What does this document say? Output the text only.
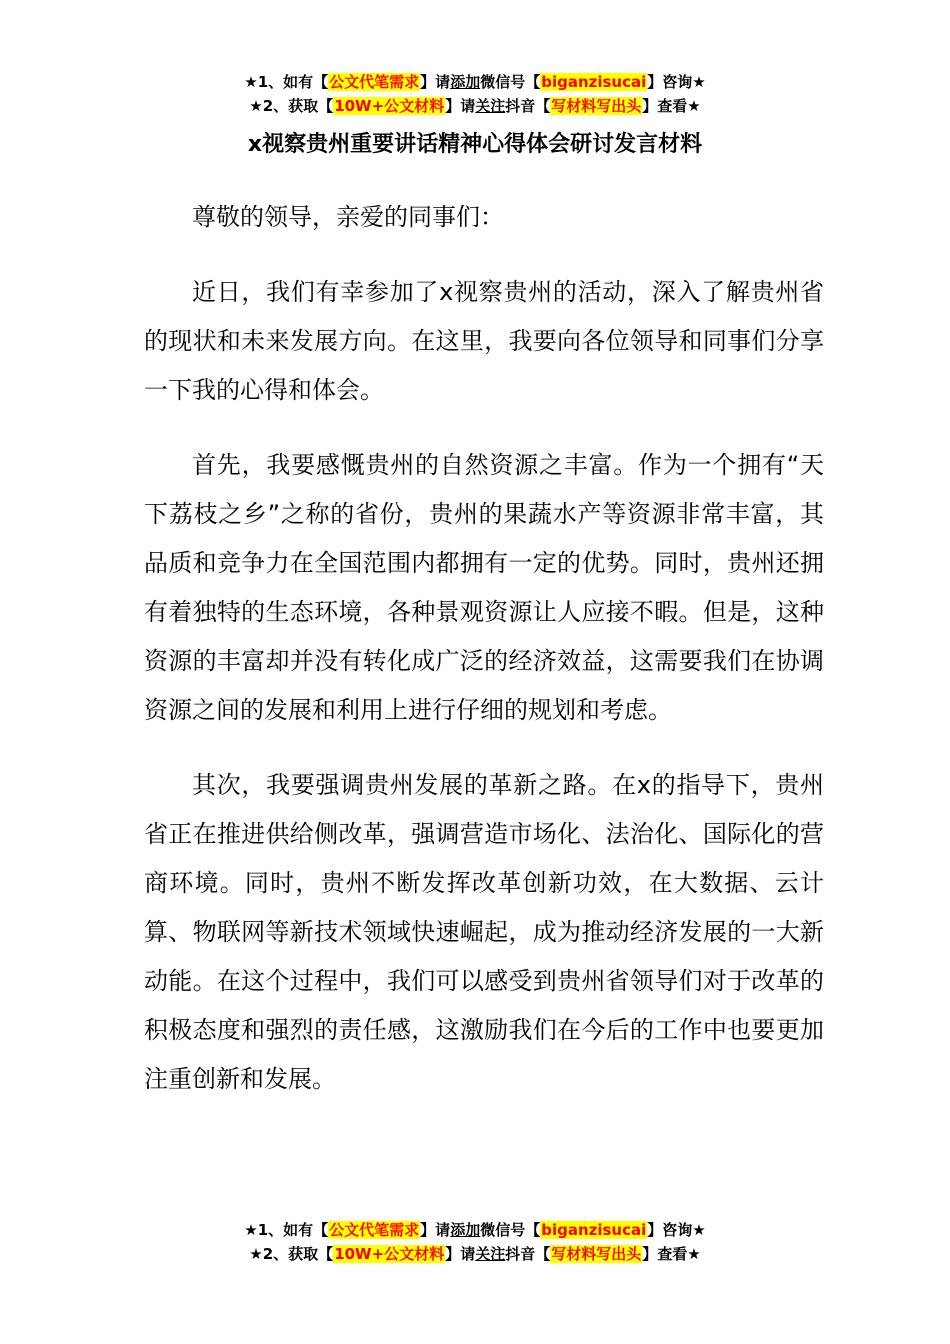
★1、如有【公文代笔需求】请添加微信号【biganzisucai】咨询★
★2、获取【10W+公文材料】请关注抖音【写材料写出头】查看★
x视察贵州重要讲话精神心得体会研讨发言材料

尊敬的领导，亲爱的同事们：

近日，我们有幸参加了x视察贵州的活动，深入了解贵州省的现状和未来发展方向。在这里，我要向各位领导和同事们分享一下我的心得和体会。

首先，我要感慨贵州的自然资源之丰富。作为一个拥有“天下荔枝之乡”之称的省份，贵州的果蔬水产等资源非常丰富，其品质和竞争力在全国范围内都拥有一定的优势。同时，贵州还拥有着独特的生态环境，各种景观资源让人应接不暇。但是，这种资源的丰富却并没有转化成广泛的经济效益，这需要我们在协调资源之间的发展和利用上进行仔细的规划和考虑。

其次，我要强调贵州发展的革新之路。在x的指导下，贵州省正在推进供给侧改革，强调营造市场化、法治化、国际化的营商环境。同时，贵州不断发挥改革创新功效，在大数据、云计算、物联网等新技术领域快速崛起，成为推动经济发展的一大新动能。在这个过程中，我们可以感受到贵州省领导们对于改革的积极态度和强烈的责任感，这激励我们在今后的工作中也要更加注重创新和发展。

★1、如有【公文代笔需求】请添加微信号【biganzisucai】咨询★
★2、获取【10W+公文材料】请关注抖音【写材料写出头】查看★
